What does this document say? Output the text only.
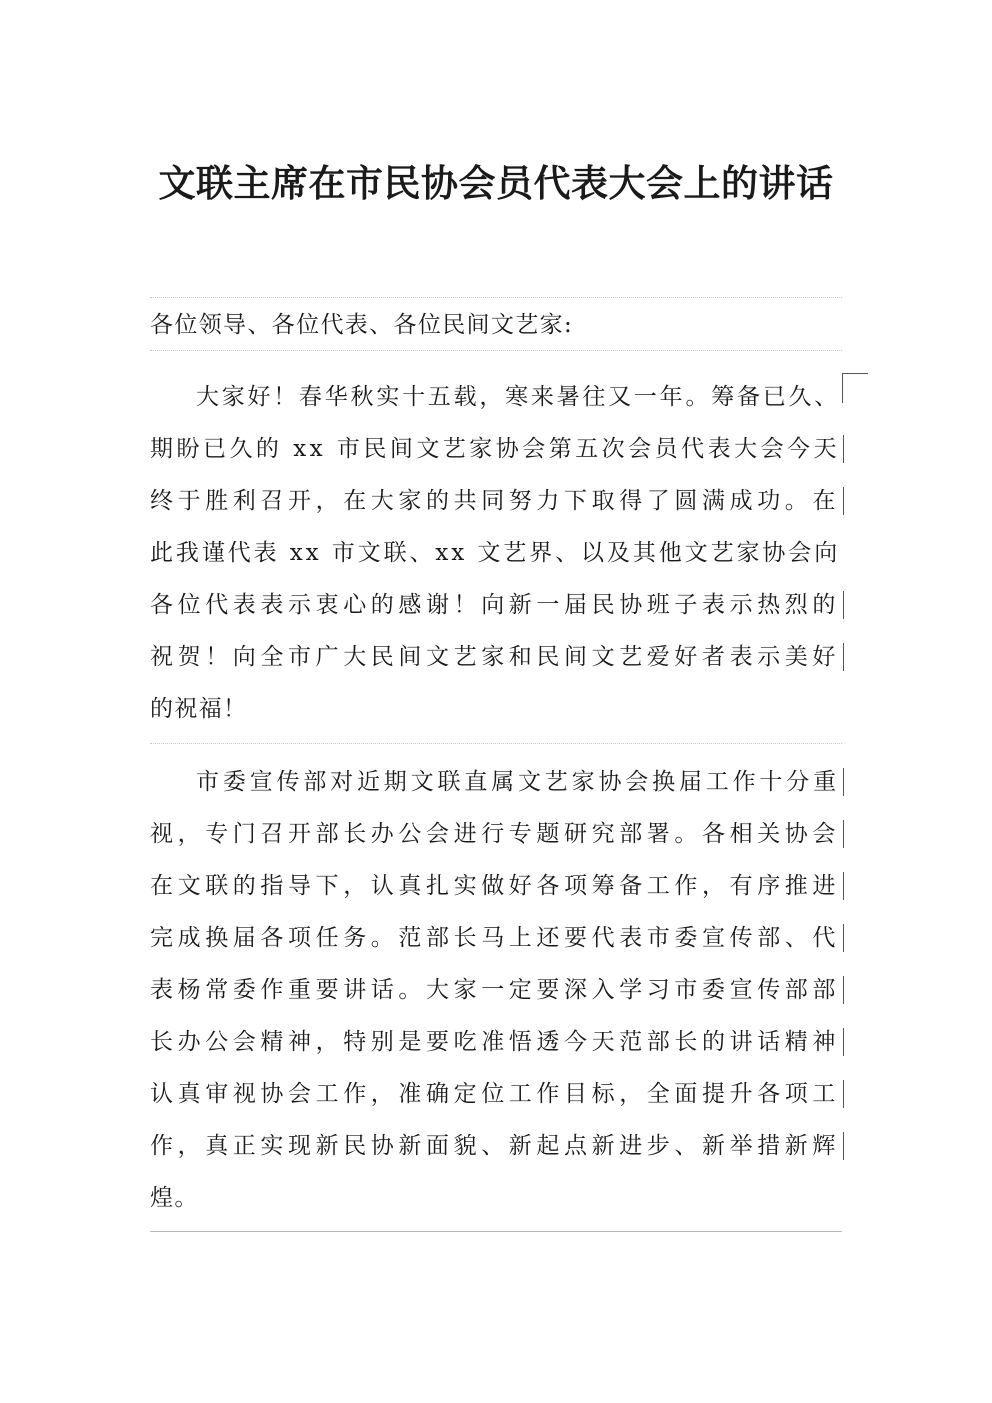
文联主席在市民协会员代表大会上的讲话
各位领导、各位代表、各位民间文艺家:
大家好！春华秋实十五载，寒来暑往又一年。筹备已久、
期盼已久的 xx 市民间文艺家协会第五次会员代表大会今天
终于胜利召开，在大家的共同努力下取得了圆满成功。在
此我谨代表 xx 市文联、xx 文艺界、以及其他文艺家协会向
各位代表表示衷心的感谢！向新一届民协班子表示热烈的
祝贺！向全市广大民间文艺家和民间文艺爱好者表示美好
的祝福！
市委宣传部对近期文联直属文艺家协会换届工作十分重
视，专门召开部长办公会进行专题研究部署。各相关协会
在文联的指导下，认真扎实做好各项筹备工作，有序推进
完成换届各项任务。范部长马上还要代表市委宣传部、代
表杨常委作重要讲话。大家一定要深入学习市委宣传部部
长办公会精神，特别是要吃准悟透今天范部长的讲话精神
认真审视协会工作，准确定位工作目标，全面提升各项工
作，真正实现新民协新面貌、新起点新进步、新举措新辉
煌。
